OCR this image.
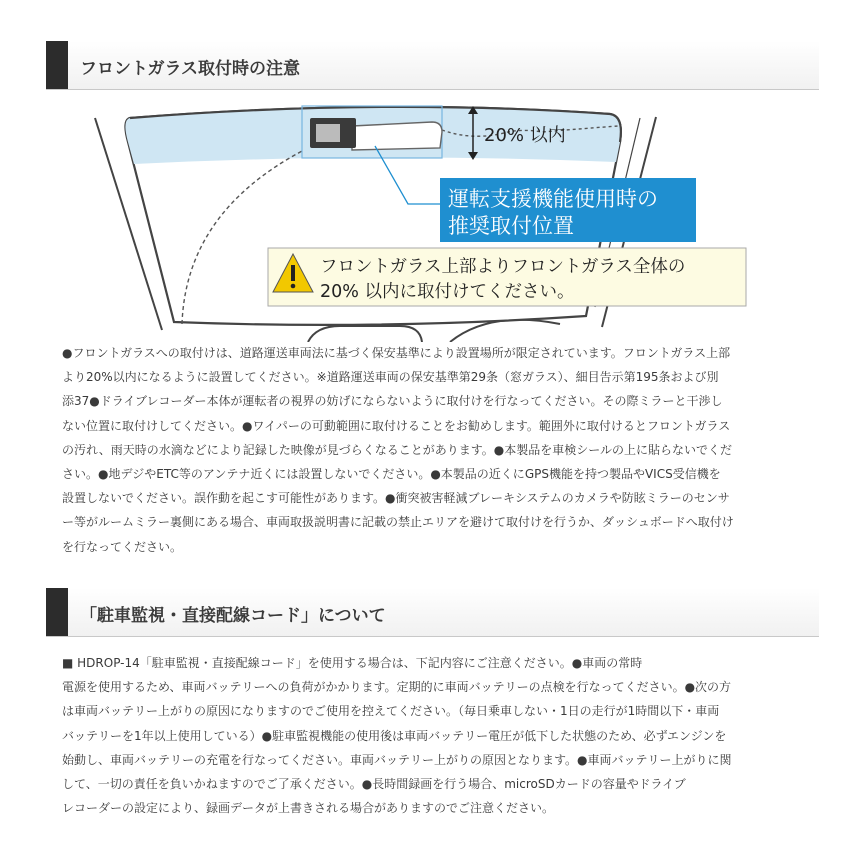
フロントガラス取付時の注意
20% 以内
運転支援機能使用時の
推奨取付位置
フロントガラス上部よりフロントガラス全体の
20% 以内に取付けてください。
●フロントガラスへの取付けは、道路運送車両法に基づく保安基準により設置場所が限定されています。フロントガラス上部
より20%以内になるように設置してください。※道路運送車両の保安基準第29条（窓ガラス）、細目告示第195条および別
添37●ドライブレコーダー本体が運転者の視界の妨げにならないように取付けを行なってください。その際ミラーと干渉し
ない位置に取付けしてください。●ワイパーの可動範囲に取付けることをお勧めします。範囲外に取付けるとフロントガラス
の汚れ、雨天時の水滴などにより記録した映像が見づらくなることがあります。●本製品を車検シールの上に貼らないでくだ
さい。●地デジやETC等のアンテナ近くには設置しないでください。●本製品の近くにGPS機能を持つ製品やVICS受信機を
設置しないでください。誤作動を起こす可能性があります。●衝突被害軽減ブレーキシステムのカメラや防眩ミラーのセンサ
ー等がルームミラー裏側にある場合、車両取扱説明書に記載の禁止エリアを避けて取付けを行うか、ダッシュボードへ取付け
を行なってください。
「駐車監視・直接配線コード」について
■ HDROP-14「駐車監視・直接配線コード」を使用する場合は、下記内容にご注意ください。●車両の常時
電源を使用するため、車両バッテリーへの負荷がかかります。定期的に車両バッテリーの点検を行なってください。●次の方
は車両バッテリー上がりの原因になりますのでご使用を控えてください。（毎日乗車しない・1日の走行が1時間以下・車両
バッテリーを1年以上使用している）●駐車監視機能の使用後は車両バッテリー電圧が低下した状態のため、必ずエンジンを
始動し、車両バッテリーの充電を行なってください。車両バッテリー上がりの原因となります。●車両バッテリー上がりに関
して、一切の責任を負いかねますのでご了承ください。●長時間録画を行う場合、microSDカードの容量やドライブ
レコーダーの設定により、録画データが上書きされる場合がありますのでご注意ください。
